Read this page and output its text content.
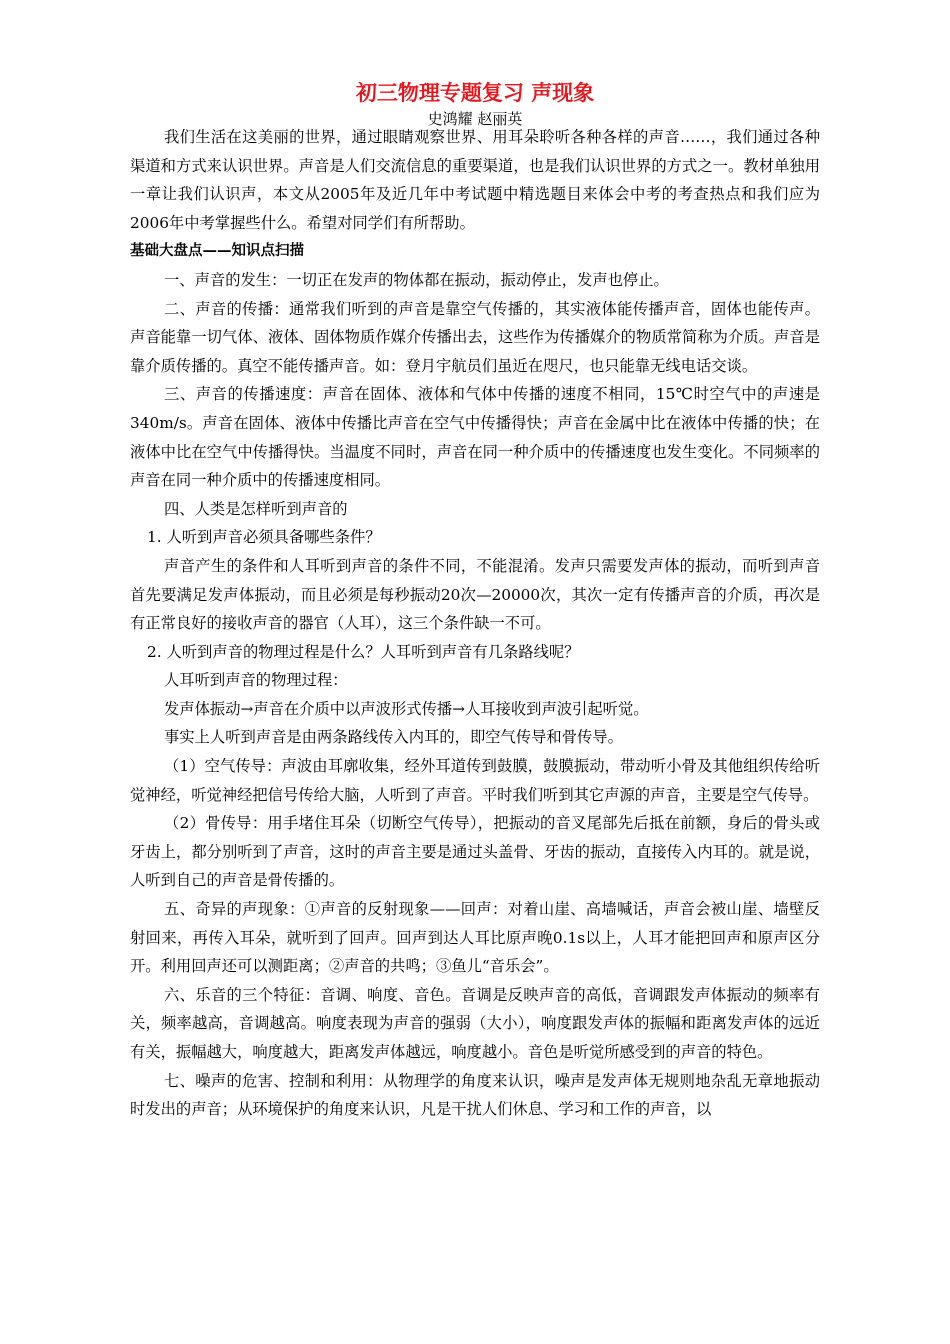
初三物理专题复习 声现象
史鸿耀 赵丽英

我们生活在这美丽的世界，通过眼睛观察世界、用耳朵聆听各种各样的声音……，我们通过各种渠道和方式来认识世界。声音是人们交流信息的重要渠道，也是我们认识世界的方式之一。教材单独用一章让我们认识声，本文从2005年及近几年中考试题中精选题目来体会中考的考查热点和我们应为2006年中考掌握些什么。希望对同学们有所帮助。

基础大盘点——知识点扫描

一、声音的发生：一切正在发声的物体都在振动，振动停止，发声也停止。

二、声音的传播：通常我们听到的声音是靠空气传播的，其实液体能传播声音，固体也能传声。声音能靠一切气体、液体、固体物质作媒介传播出去，这些作为传播媒介的物质常简称为介质。声音是靠介质传播的。真空不能传播声音。如：登月宇航员们虽近在咫尺，也只能靠无线电话交谈。

三、声音的传播速度：声音在固体、液体和气体中传播的速度不相同，15℃时空气中的声速是340m/s。声音在固体、液体中传播比声音在空气中传播得快；声音在金属中比在液体中传播的快；在液体中比在空气中传播得快。当温度不同时，声音在同一种介质中的传播速度也发生变化。不同频率的声音在同一种介质中的传播速度相同。

四、人类是怎样听到声音的

1. 人听到声音必须具备哪些条件？

声音产生的条件和人耳听到声音的条件不同，不能混淆。发声只需要发声体的振动，而听到声音首先要满足发声体振动，而且必须是每秒振动20次—20000次，其次一定有传播声音的介质，再次是有正常良好的接收声音的器官（人耳），这三个条件缺一不可。

2. 人听到声音的物理过程是什么？人耳听到声音有几条路线呢？

人耳听到声音的物理过程：

发声体振动→声音在介质中以声波形式传播→人耳接收到声波引起听觉。

事实上人听到声音是由两条路线传入内耳的，即空气传导和骨传导。

（1）空气传导：声波由耳廓收集，经外耳道传到鼓膜，鼓膜振动，带动听小骨及其他组织传给听觉神经，听觉神经把信号传给大脑，人听到了声音。平时我们听到其它声源的声音，主要是空气传导。

（2）骨传导：用手堵住耳朵（切断空气传导），把振动的音叉尾部先后抵在前额，身后的骨头或牙齿上，都分别听到了声音，这时的声音主要是通过头盖骨、牙齿的振动，直接传入内耳的。就是说，人听到自己的声音是骨传播的。

五、奇异的声现象：①声音的反射现象——回声：对着山崖、高墙喊话，声音会被山崖、墙壁反射回来，再传入耳朵，就听到了回声。回声到达人耳比原声晚0.1s以上，人耳才能把回声和原声区分开。利用回声还可以测距离；②声音的共鸣；③鱼儿“音乐会”。

六、乐音的三个特征：音调、响度、音色。音调是反映声音的高低，音调跟发声体振动的频率有关，频率越高，音调越高。响度表现为声音的强弱（大小），响度跟发声体的振幅和距离发声体的远近有关，振幅越大，响度越大，距离发声体越远，响度越小。音色是听觉所感受到的声音的特色。

七、噪声的危害、控制和利用：从物理学的角度来认识，噪声是发声体无规则地杂乱无章地振动时发出的声音；从环境保护的角度来认识，凡是干扰人们休息、学习和工作的声音，以
